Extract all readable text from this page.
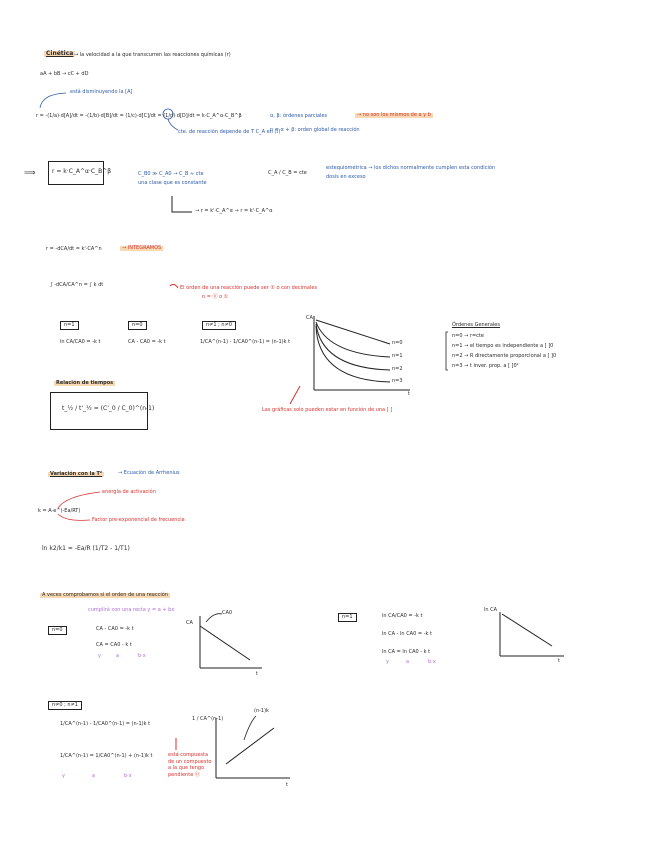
Cinética → la velocidad a la que transcurren las reacciones químicas (r)
aA + bB → cC + dD
está disminuyendo la [A]
r = -(1/a)·d[A]/dt = -(1/b)·d[B]/dt = (1/c)·d[C]/dt = (1/d)·d[D]/dt = k·C_A^α·C_B^β
cte. de reacción depende de T C_A en (t)
α, β: órdenes parciales	→ no son los mismos de a y b
n = α + β: orden global de reacción
⟹	r = k·C_A^α·C_B^β	C_B0 ≫ C_A0 → C_B ≈ cte
una clase que es constante
C_A / C_B = cte
estequiométrica → los dichos normalmente cumplen esta condición
dosis en exceso
→ r = k'·C_A^α → r = k'·C_A^α
r = -dCA/dt = k'·CA^n	→ INTEGRAMOS
∫ -dCA/CA^n = ∫ k dt	El orden de una reacción puede ser ① o con decimales
n = ⓪ o ①
n=1	n=0	n≠1 ; n≠0
ln CA/CA0 = -k t	CA - CA0 = -k t	1/CA^(n-1) - 1/CA0^(n-1) = (n-1)k t
Relación de tiempos
t_½ / t'_½ = (C'_0 / C_0)^(n-1)
Órdenes Generales
n=0 → r=cte
n=1 → el tiempo es independiente a [ ]0
n=2 → R directamente proporcional a [ ]0
n=3 → t inver. prop. a [ ]0²
CA
t
n=0
n=1
n=2
n=3
Las gráficas solo pueden estar en función de una [ ]
Variación con la T²	→ Ecuación de Arrhenius
energía de activación
k = A·e^(-Ea/RT)
Factor pre-exponencial de frecuencia
ln k2/k1 = -Ea/R (1/T2 - 1/T1)
A veces comprobamos si el orden de una reacción
cumplirá con una recta y = a + bx
n=0	CA - CA0 = -k t
CA = CA0 - k t
y	a	b·x
CA
CA0
t
n=1	ln CA/CA0 = -k t
ln CA - ln CA0 = -k t
ln CA = ln CA0 - k t
y	a	b·x
ln CA
t
n≠0 ; n≠1
1/CA^(n-1) - 1/CA0^(n-1) = (n-1)k t
1/CA^(n-1) = 1/CA0^(n-1) + (n-1)k t
y	a	b·x
1 / CA^(n-1)
t
(n-1)k
está compuesta de un compuesto a la que tengo pendiente ⓪
